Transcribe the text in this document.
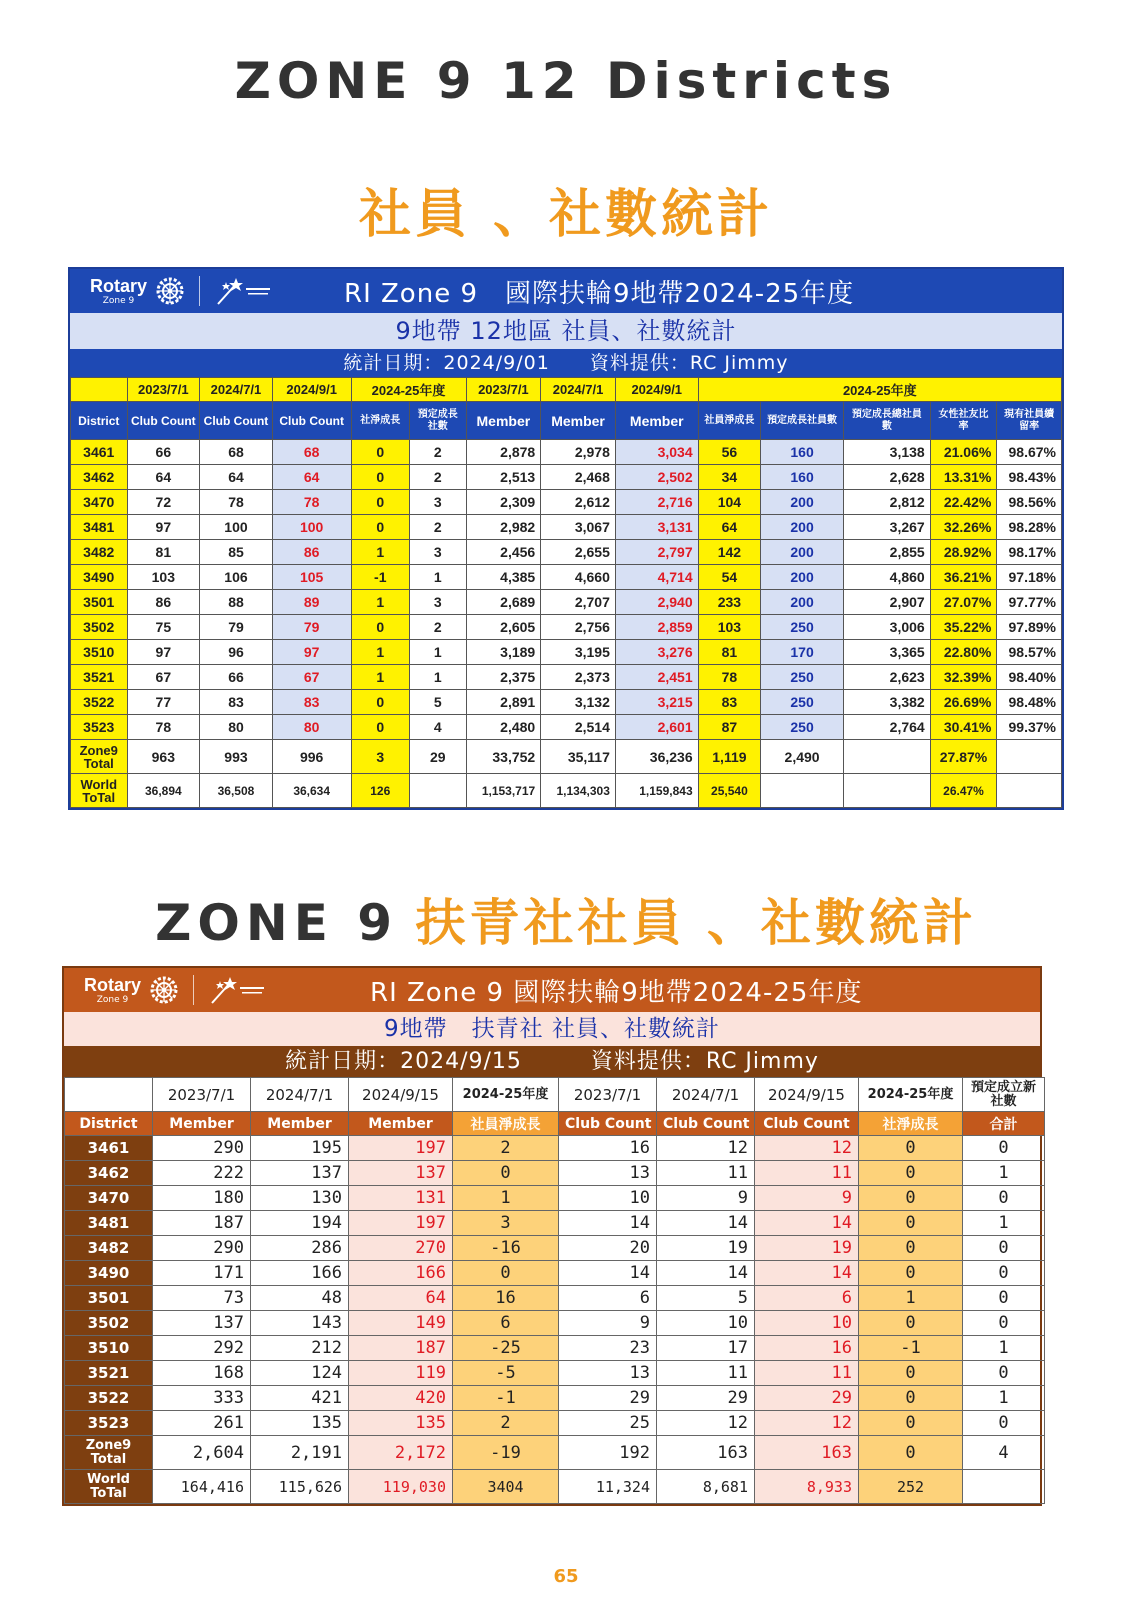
ZONE 9 12 Districts
社員 、社數統計
Rotary
Zone 9	RI Zone 9　國際扶輪9地帶2024-25年度
9地帶 12地區 社員、社數統計
統計日期：2024/9/01　　資料提供：RC Jimmy
	2023/7/1	2024/7/1	2024/9/1	2024-25年度		2023/7/1	2024/7/1	2024/9/1	2024-25年度				
District	Club Count	Club Count	Club Count	社淨成長	預定成長社數	Member	Member	Member	社員淨成長	預定成長社員數	預定成長總社員數	女性社友比率	現有社員續留率
3461	66	68	68	0	2	2,878	2,978	3,034	56	160	3,138	21.06%	98.67%
3462	64	64	64	0	2	2,513	2,468	2,502	34	160	2,628	13.31%	98.43%
3470	72	78	78	0	3	2,309	2,612	2,716	104	200	2,812	22.42%	98.56%
3481	97	100	100	0	2	2,982	3,067	3,131	64	200	3,267	32.26%	98.28%
3482	81	85	86	1	3	2,456	2,655	2,797	142	200	2,855	28.92%	98.17%
3490	103	106	105	-1	1	4,385	4,660	4,714	54	200	4,860	36.21%	97.18%
3501	86	88	89	1	3	2,689	2,707	2,940	233	200	2,907	27.07%	97.77%
3502	75	79	79	0	2	2,605	2,756	2,859	103	250	3,006	35.22%	97.89%
3510	97	96	97	1	1	3,189	3,195	3,276	81	170	3,365	22.80%	98.57%
3521	67	66	67	1	1	2,375	2,373	2,451	78	250	2,623	32.39%	98.40%
3522	77	83	83	0	5	2,891	3,132	3,215	83	250	3,382	26.69%	98.48%
3523	78	80	80	0	4	2,480	2,514	2,601	87	250	2,764	30.41%	99.37%

Zone9
Total	963	993	996	3	29	33,752	35,117	36,236	1,119	2,490		27.87%	

World
ToTal	36,894	36,508	36,634	126		1,153,717	1,134,303	1,159,843	25,540			26.47%	
ZONE 9 扶青社社員 、社數統計
Rotary
Zone 9	RI Zone 9 國際扶輪9地帶2024-25年度
9地帶　扶青社 社員、社數統計
統計日期：2024/9/15　　　資料提供：RC Jimmy
	2023/7/1	2024/7/1	2024/9/15	2024-25年度	2023/7/1	2024/7/1	2024/9/15	2024-25年度	預定成立新社數
District	Member	Member	Member	社員淨成長	Club Count	Club Count	Club Count	社淨成長	合計
3461	290	195	197	2	16	12	12	0	0
3462	222	137	137	0	13	11	11	0	1
3470	180	130	131	1	10	9	9	0	0
3481	187	194	197	3	14	14	14	0	1
3482	290	286	270	-16	20	19	19	0	0
3490	171	166	166	0	14	14	14	0	0
3501	73	48	64	16	6	5	6	1	0
3502	137	143	149	6	9	10	10	0	0
3510	292	212	187	-25	23	17	16	-1	1
3521	168	124	119	-5	13	11	11	0	0
3522	333	421	420	-1	29	29	29	0	1
3523	261	135	135	2	25	12	12	0	0

Zone9
Total	2,604	2,191	2,172	-19	192	163	163	0	4

World
ToTal	164,416	115,626	119,030	3404	11,324	8,681	8,933	252	
65
